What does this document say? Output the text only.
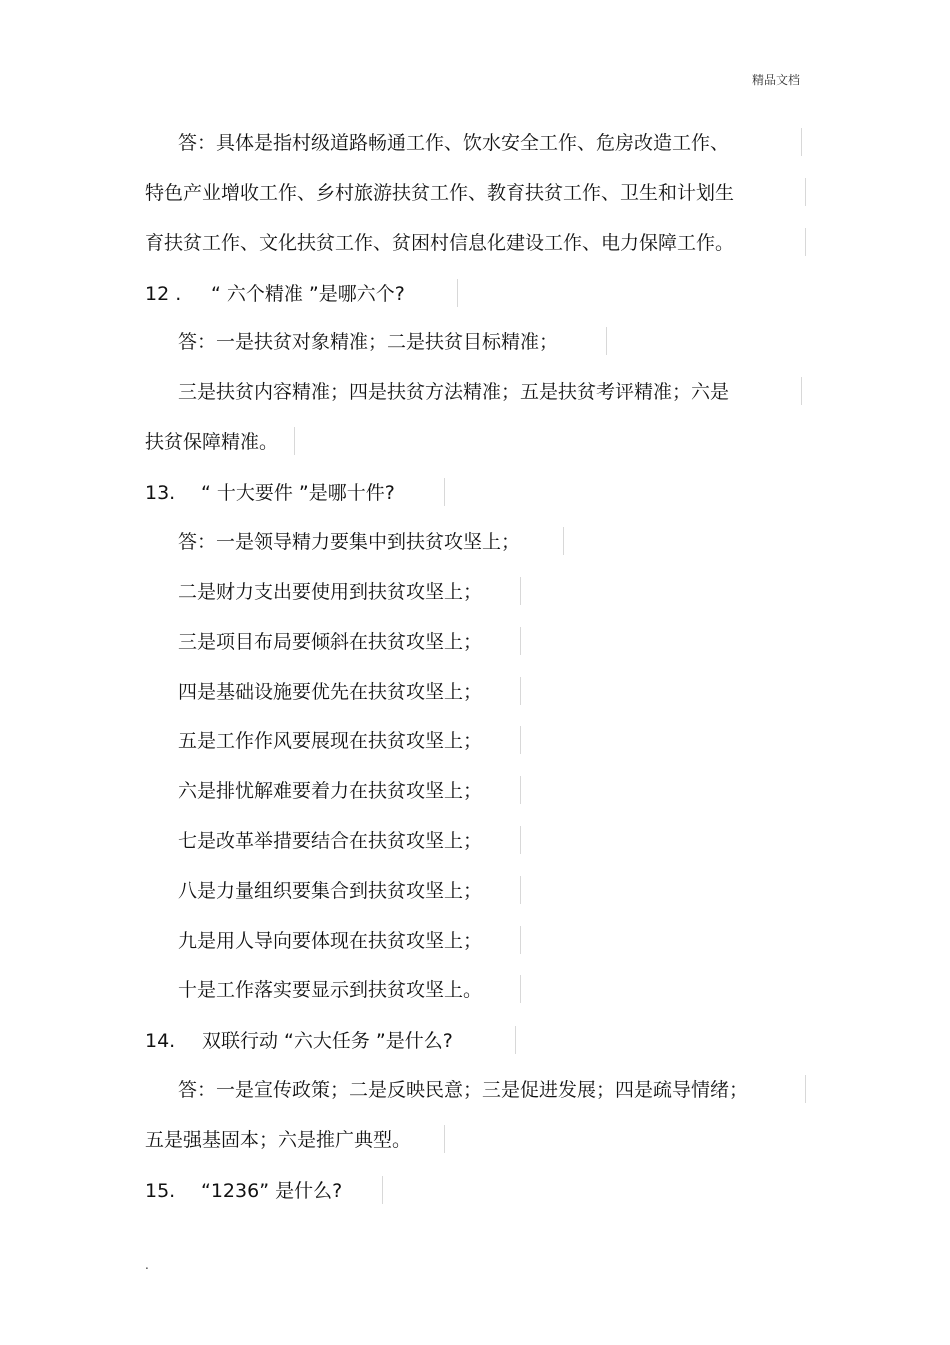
精品文档
答：具体是指村级道路畅通工作、饮水安全工作、危房改造工作、
特色产业增收工作、乡村旅游扶贫工作、教育扶贫工作、卫生和计划生
育扶贫工作、文化扶贫工作、贫困村信息化建设工作、电力保障工作。
12 . “ 六个精准 ”是哪六个?
答：一是扶贫对象精准；二是扶贫目标精准；
三是扶贫内容精准；四是扶贫方法精准；五是扶贫考评精准；六是
扶贫保障精准。
13. “ 十大要件 ”是哪十件?
答：一是领导精力要集中到扶贫攻坚上；
二是财力支出要使用到扶贫攻坚上；
三是项目布局要倾斜在扶贫攻坚上；
四是基础设施要优先在扶贫攻坚上；
五是工作作风要展现在扶贫攻坚上；
六是排忧解难要着力在扶贫攻坚上；
七是改革举措要结合在扶贫攻坚上；
八是力量组织要集合到扶贫攻坚上；
九是用人导向要体现在扶贫攻坚上；
十是工作落实要显示到扶贫攻坚上。
14. 双联行动 “六大任务 ”是什么?
答：一是宣传政策；二是反映民意；三是促进发展；四是疏导情绪；
五是强基固本；六是推广典型。
15. “1236” 是什么?
.
